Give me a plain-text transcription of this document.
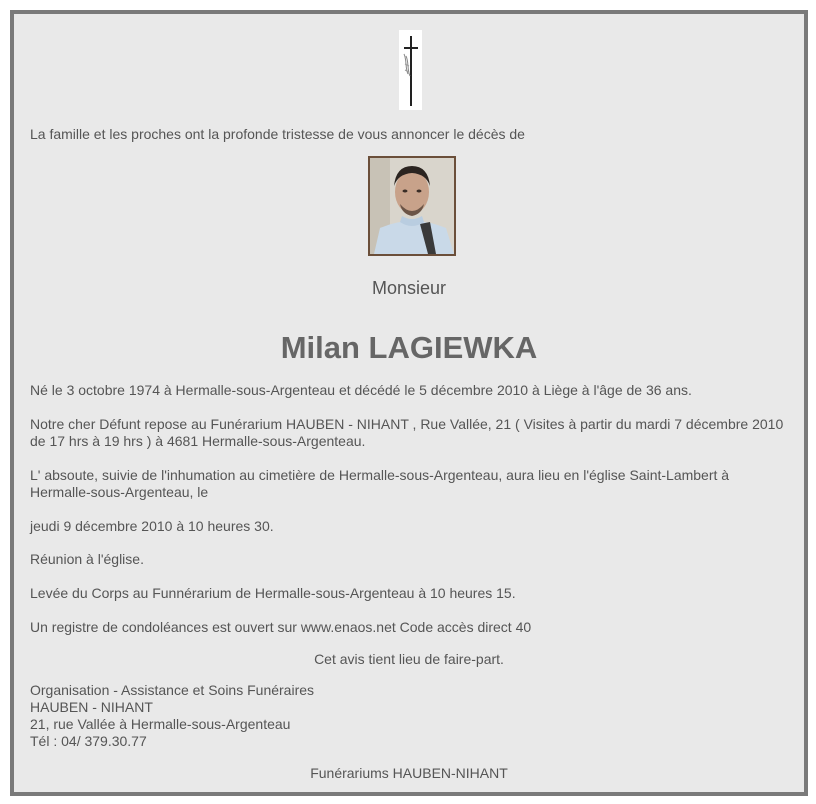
La famille et les proches ont la profonde tristesse de vous annoncer le décès de
Monsieur
Milan LAGIEWKA
Né le 3 octobre 1974 à Hermalle-sous-Argenteau et décédé le 5 décembre 2010 à Liège à l'âge de 36 ans.
Notre cher Défunt repose au Funérarium HAUBEN - NIHANT , Rue Vallée, 21 ( Visites à partir du mardi 7 décembre 2010 de 17 hrs à 19 hrs ) à 4681 Hermalle-sous-Argenteau.
L' absoute, suivie de l'inhumation au cimetière de Hermalle-sous-Argenteau, aura lieu en l'église Saint-Lambert à Hermalle-sous-Argenteau, le
jeudi 9 décembre 2010 à 10 heures 30.
Réunion à l'église.
Levée du Corps au Funnérarium de Hermalle-sous-Argenteau à 10 heures 15.
Un registre de condoléances est ouvert sur www.enaos.net Code accès direct 40
Cet avis tient lieu de faire-part.
Organisation - Assistance et Soins Funéraires
HAUBEN - NIHANT
21, rue Vallée à Hermalle-sous-Argenteau
Tél : 04/ 379.30.77
Funérariums HAUBEN-NIHANT
